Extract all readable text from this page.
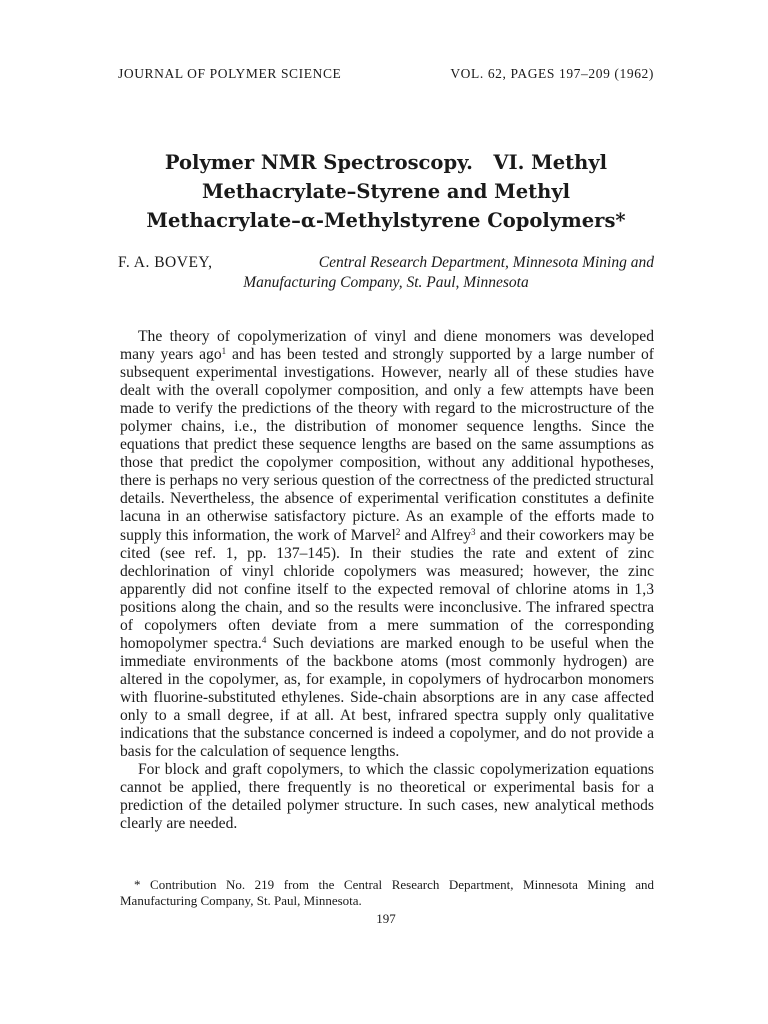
JOURNAL OF POLYMER SCIENCE	VOL. 62, PAGES 197–209 (1962)
Polymer NMR Spectroscopy.   VI. Methyl
Methacrylate–Styrene and Methyl
Methacrylate–α-Methylstyrene Copolymers*
F. A. BOVEY,	Central Research Department, Minnesota Mining and
Manufacturing Company, St. Paul, Minnesota

The theory of copolymerization of vinyl and diene monomers was developed many years ago$^1$ and has been tested and strongly supported by a large number of subsequent experimental investigations. However, nearly all of these studies have dealt with the overall copolymer composition, and only a few attempts have been made to verify the predictions of the theory with regard to the microstructure of the polymer chains, i.e., the distribution of monomer sequence lengths. Since the equations that predict these sequence lengths are based on the same assumptions as those that predict the copolymer composition, without any additional hypotheses, there is perhaps no very serious question of the correctness of the predicted structural details. Nevertheless, the absence of experimental verification constitutes a definite lacuna in an otherwise satisfactory picture. As an example of the efforts made to supply this information, the work of Marvel$^2$ and Alfrey$^3$ and their coworkers may be cited (see ref. 1, pp. 137–145). In their studies the rate and extent of zinc dechlorination of vinyl chloride copolymers was measured; however, the zinc apparently did not confine itself to the expected removal of chlorine atoms in 1,3 positions along the chain, and so the results were inconclusive. The infrared spectra of copolymers often deviate from a mere summation of the corresponding homopolymer spectra.$^4$ Such deviations are marked enough to be useful when the immediate environments of the backbone atoms (most commonly hydrogen) are altered in the copolymer, as, for example, in copolymers of hydrocarbon monomers with fluorine-substituted ethylenes. Side-chain absorptions are in any case affected only to a small degree, if at all. At best, infrared spectra supply only qualitative indications that the substance concerned is indeed a copolymer, and do not provide a basis for the calculation of sequence lengths.

For block and graft copolymers, to which the classic copolymerization equations cannot be applied, there frequently is no theoretical or experimental basis for a prediction of the detailed polymer structure. In such cases, new analytical methods clearly are needed.

* Contribution No. 219 from the Central Research Department, Minnesota Mining and Manufacturing Company, St. Paul, Minnesota.

197
